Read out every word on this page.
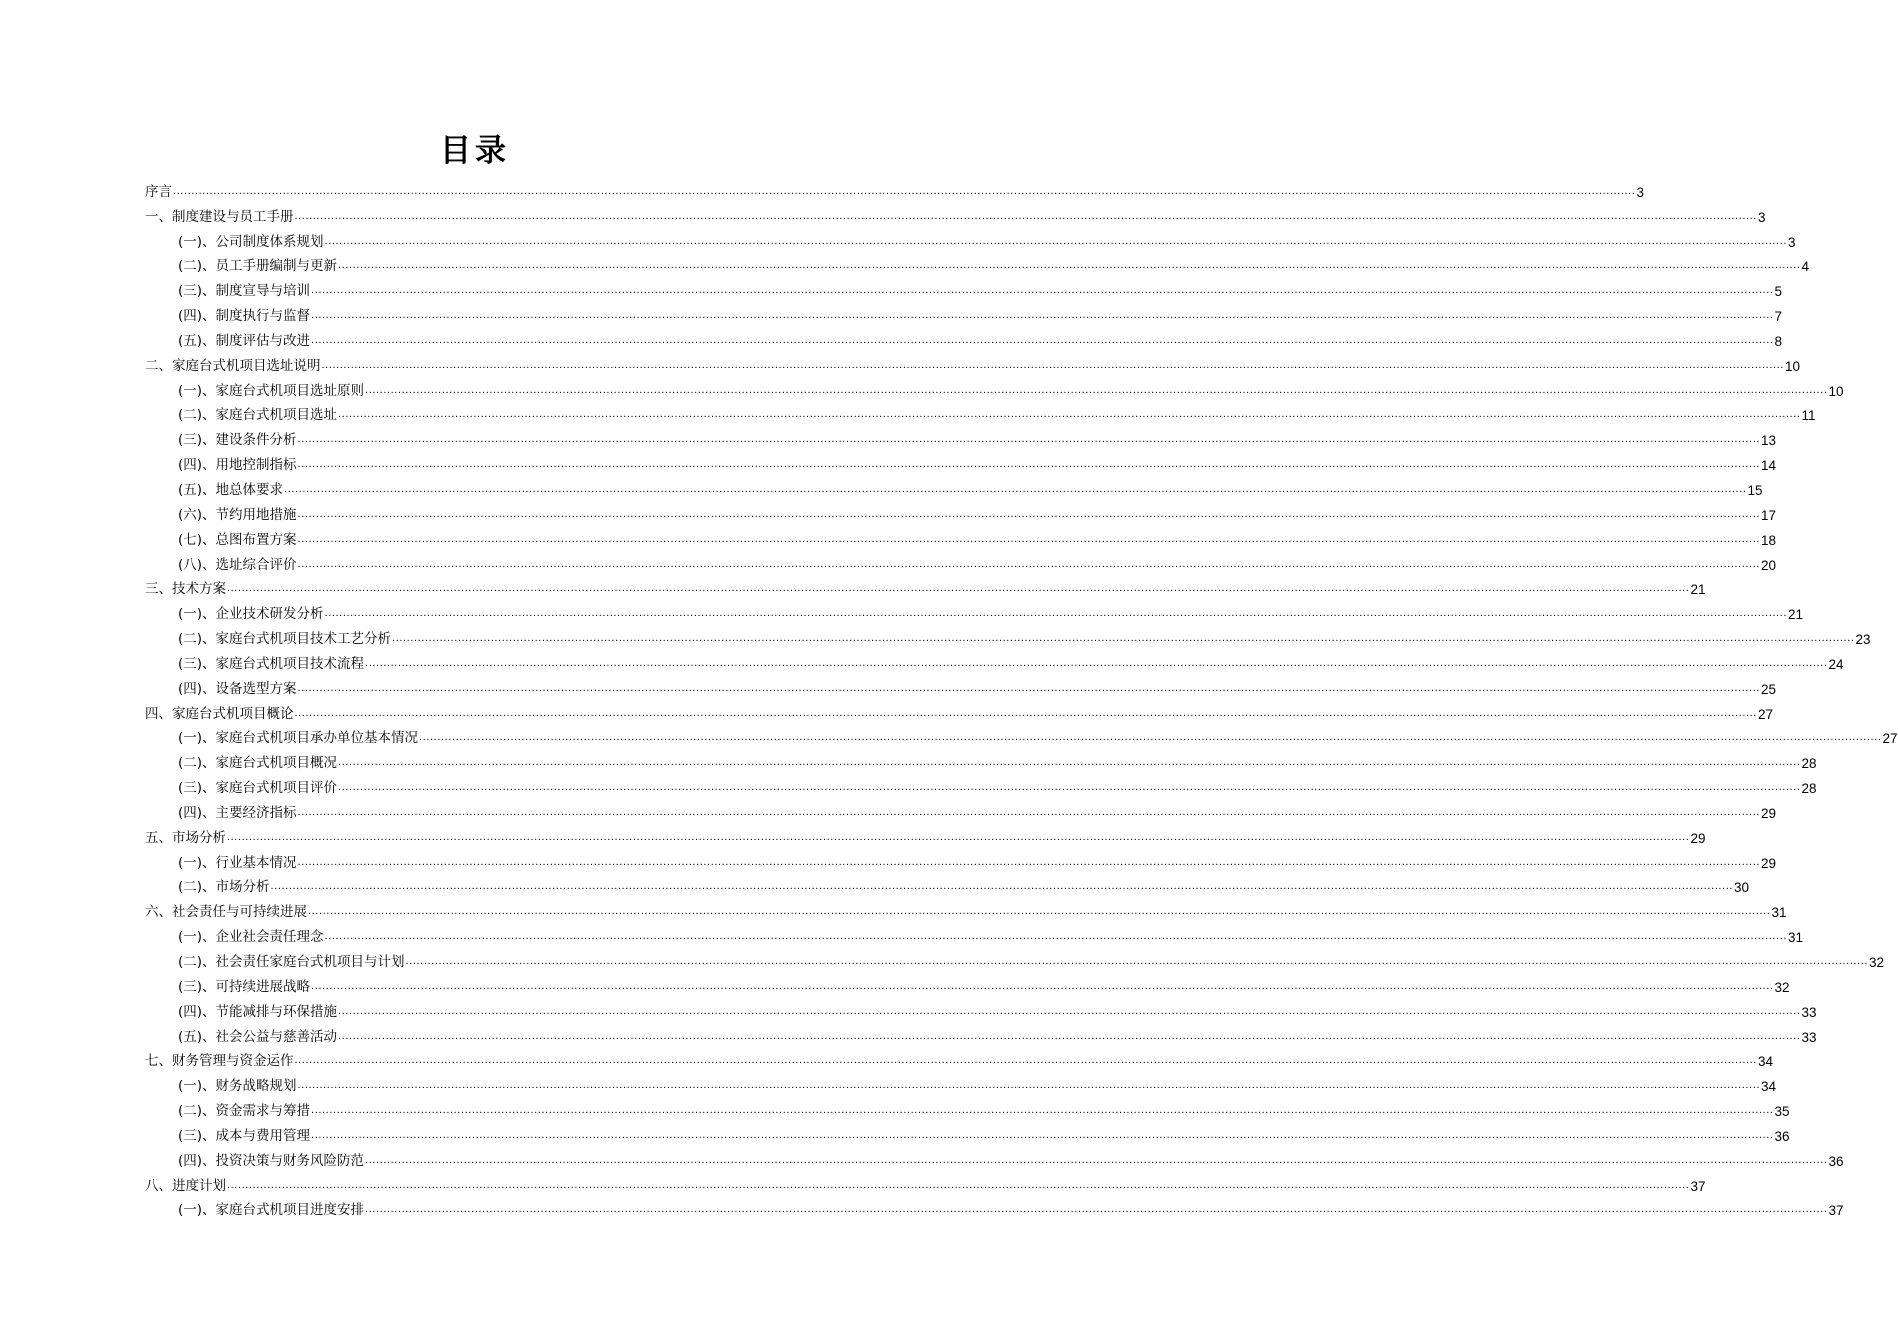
目录
序言 ................................................................................................................................................................................................................................................................................................................................................................................................................ 3
一、制度建设与员工手册 ................................................................................................................................................................................................................................................................................................................................................................................................................ 3
(一)、公司制度体系规划 ................................................................................................................................................................................................................................................................................................................................................................................................................ 3
(二)、员工手册编制与更新 ................................................................................................................................................................................................................................................................................................................................................................................................................ 4
(三)、制度宣导与培训 ................................................................................................................................................................................................................................................................................................................................................................................................................ 5
(四)、制度执行与监督 ................................................................................................................................................................................................................................................................................................................................................................................................................ 7
(五)、制度评估与改进 ................................................................................................................................................................................................................................................................................................................................................................................................................ 8
二、家庭台式机项目选址说明 ................................................................................................................................................................................................................................................................................................................................................................................................................ 10
(一)、家庭台式机项目选址原则 ................................................................................................................................................................................................................................................................................................................................................................................................................ 10
(二)、家庭台式机项目选址 ................................................................................................................................................................................................................................................................................................................................................................................................................ 11
(三)、建设条件分析 ................................................................................................................................................................................................................................................................................................................................................................................................................ 13
(四)、用地控制指标 ................................................................................................................................................................................................................................................................................................................................................................................................................ 14
(五)、地总体要求 ................................................................................................................................................................................................................................................................................................................................................................................................................ 15
(六)、节约用地措施 ................................................................................................................................................................................................................................................................................................................................................................................................................ 17
(七)、总图布置方案 ................................................................................................................................................................................................................................................................................................................................................................................................................ 18
(八)、选址综合评价 ................................................................................................................................................................................................................................................................................................................................................................................................................ 20
三、技术方案 ................................................................................................................................................................................................................................................................................................................................................................................................................ 21
(一)、企业技术研发分析 ................................................................................................................................................................................................................................................................................................................................................................................................................ 21
(二)、家庭台式机项目技术工艺分析 ................................................................................................................................................................................................................................................................................................................................................................................................................ 23
(三)、家庭台式机项目技术流程 ................................................................................................................................................................................................................................................................................................................................................................................................................ 24
(四)、设备选型方案 ................................................................................................................................................................................................................................................................................................................................................................................................................ 25
四、家庭台式机项目概论 ................................................................................................................................................................................................................................................................................................................................................................................................................ 27
(一)、家庭台式机项目承办单位基本情况 ................................................................................................................................................................................................................................................................................................................................................................................................................ 27
(二)、家庭台式机项目概况 ................................................................................................................................................................................................................................................................................................................................................................................................................ 28
(三)、家庭台式机项目评价 ................................................................................................................................................................................................................................................................................................................................................................................................................ 28
(四)、主要经济指标 ................................................................................................................................................................................................................................................................................................................................................................................................................ 29
五、市场分析 ................................................................................................................................................................................................................................................................................................................................................................................................................ 29
(一)、行业基本情况 ................................................................................................................................................................................................................................................................................................................................................................................................................ 29
(二)、市场分析 ................................................................................................................................................................................................................................................................................................................................................................................................................ 30
六、社会责任与可持续进展 ................................................................................................................................................................................................................................................................................................................................................................................................................ 31
(一)、企业社会责任理念 ................................................................................................................................................................................................................................................................................................................................................................................................................ 31
(二)、社会责任家庭台式机项目与计划 ................................................................................................................................................................................................................................................................................................................................................................................................................ 32
(三)、可持续进展战略 ................................................................................................................................................................................................................................................................................................................................................................................................................ 32
(四)、节能减排与环保措施 ................................................................................................................................................................................................................................................................................................................................................................................................................ 33
(五)、社会公益与慈善活动 ................................................................................................................................................................................................................................................................................................................................................................................................................ 33
七、财务管理与资金运作 ................................................................................................................................................................................................................................................................................................................................................................................................................ 34
(一)、财务战略规划 ................................................................................................................................................................................................................................................................................................................................................................................................................ 34
(二)、资金需求与筹措 ................................................................................................................................................................................................................................................................................................................................................................................................................ 35
(三)、成本与费用管理 ................................................................................................................................................................................................................................................................................................................................................................................................................ 36
(四)、投资决策与财务风险防范 ................................................................................................................................................................................................................................................................................................................................................................................................................ 36
八、进度计划 ................................................................................................................................................................................................................................................................................................................................................................................................................ 37
(一)、家庭台式机项目进度安排 ................................................................................................................................................................................................................................................................................................................................................................................................................ 37
